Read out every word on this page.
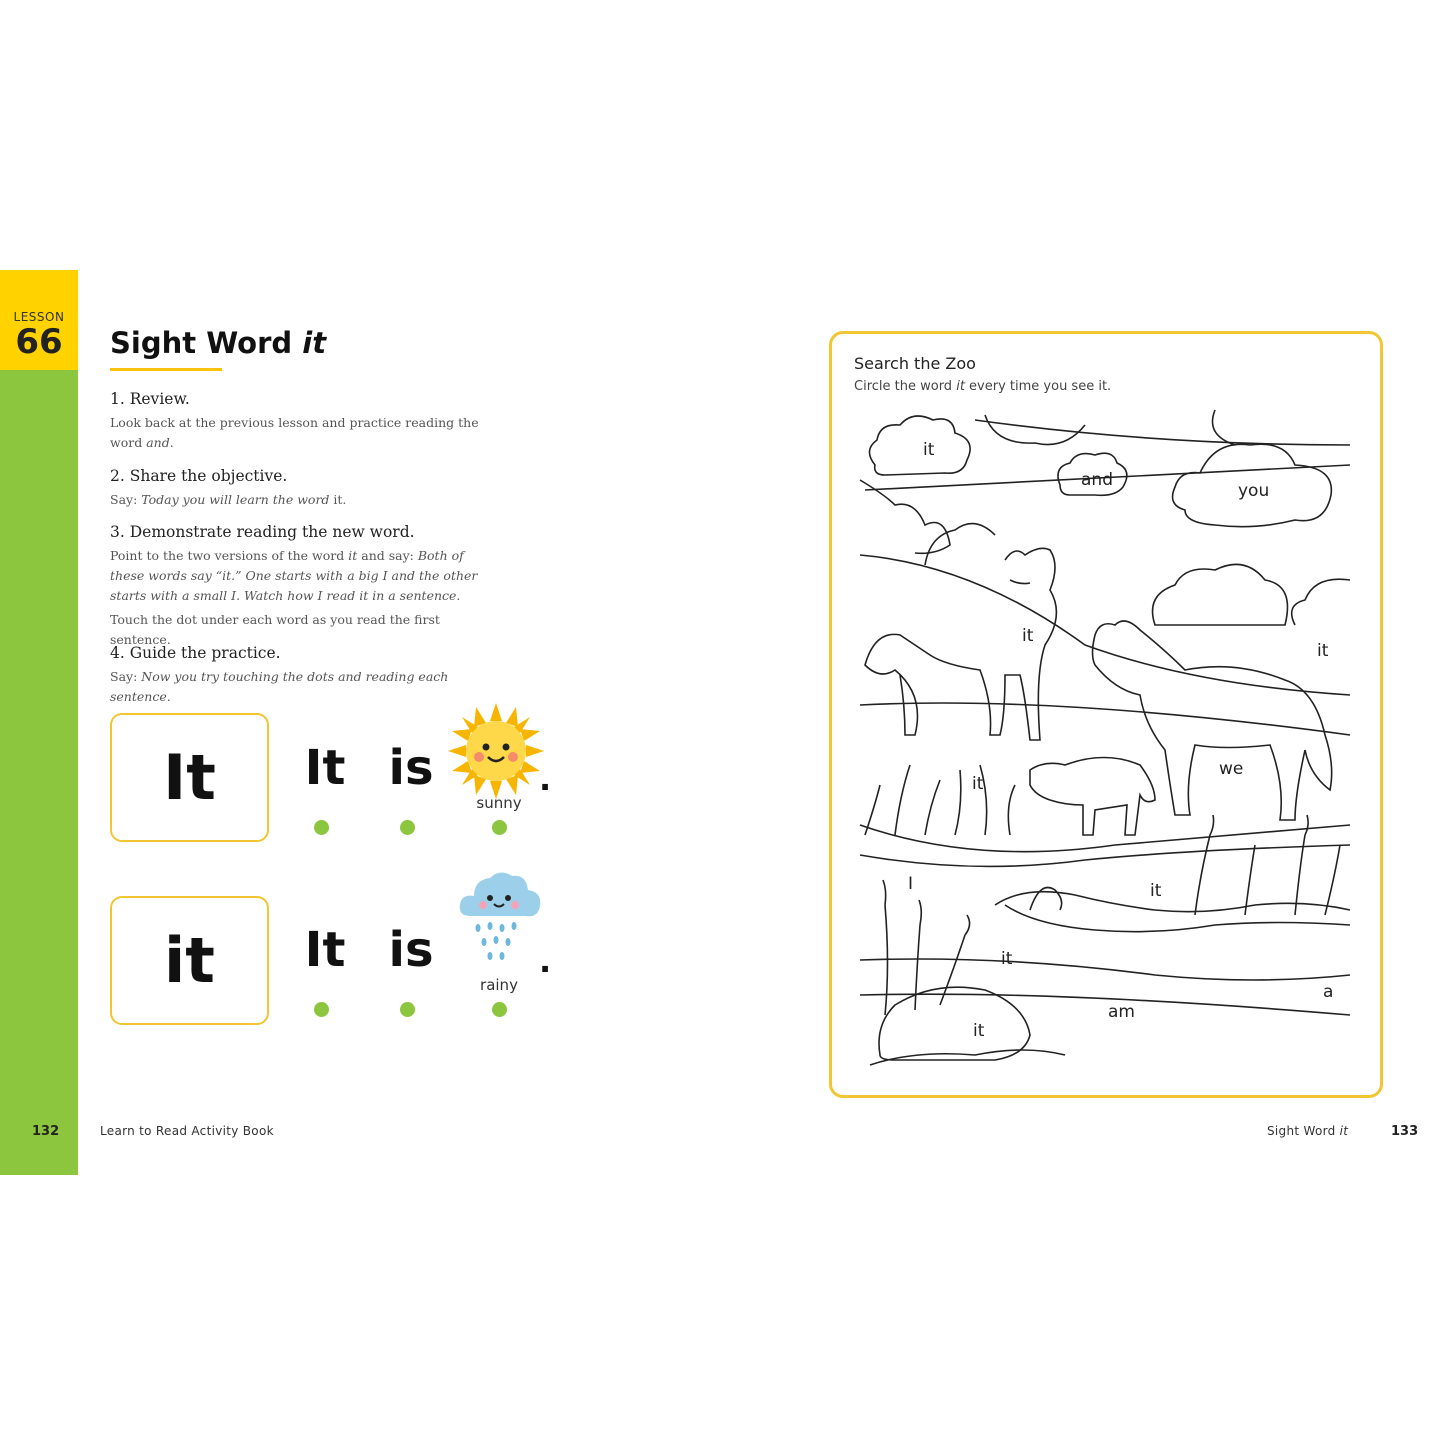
LESSON
66	Sight Word it
1. Review.
Look back at the previous lesson and practice reading the word and.
2. Share the objective.
Say: Today you will learn the word it.
3. Demonstrate reading the new word.
Point to the two versions of the word it and say: Both of these words say “it.” One starts with a big I and the other starts with a small I. Watch how I read it in a sentence.
Touch the dot under each word as you read the first sentence.
4. Guide the practice.
Say: Now you try touching the dots and reading each sentence.
It	It is
sunny
.
it	It is
rainy
.
132	Learn to Read Activity Book	Sight Word it	133
Search the Zoo
Circle the word it every time you see it.
it
and
you
it
it
we
it
it
I
it
a
am
it
